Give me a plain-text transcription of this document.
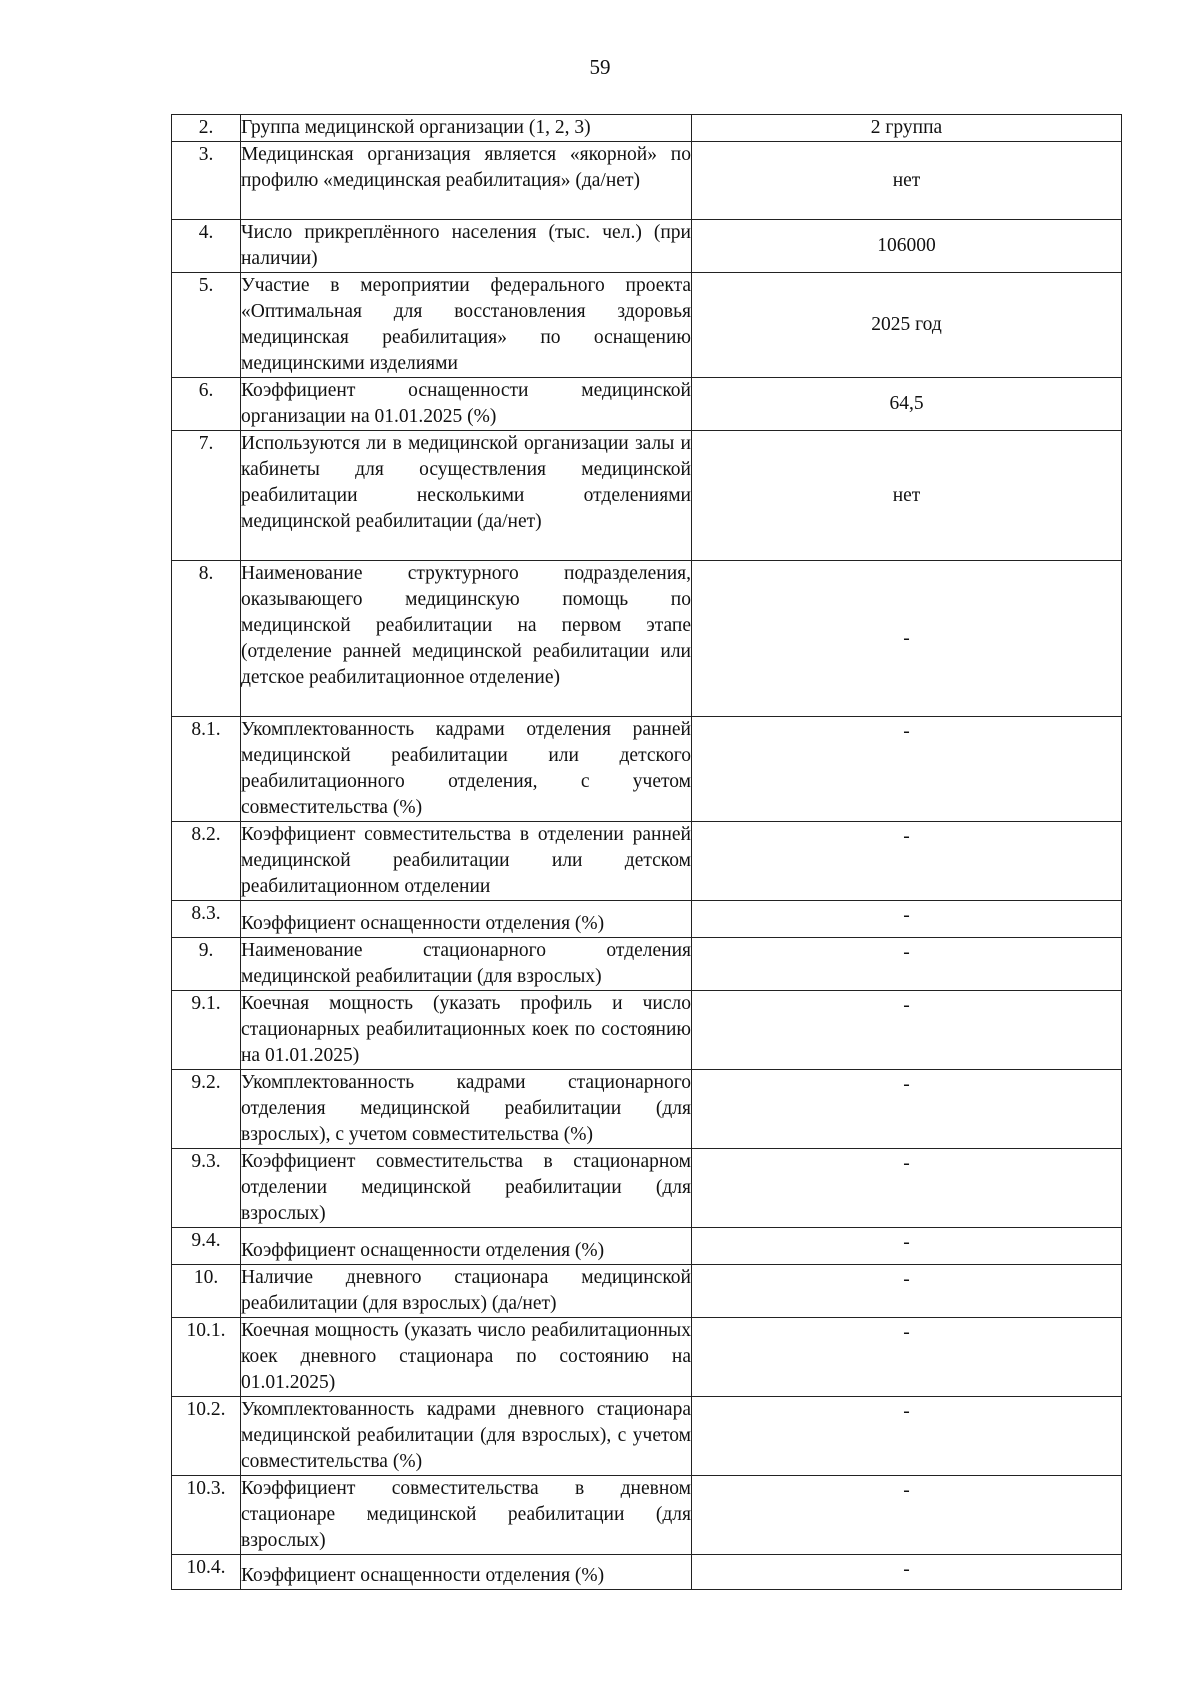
59
2.	Группа медицинской организации (1, 2, 3)	2 группа
3.	Медицинская организация является «якорной» по профилю «медицинская реабилитация» (да/нет)	нет
4.	Число прикреплённого населения (тыс. чел.) (при наличии)	106000
5.	Участие в мероприятии федерального проекта «Оптимальная для восстановления здоровья медицинская реабилитация» по оснащению медицинскими изделиями	2025 год
6.	Коэффициент оснащенности медицинской организации на 01.01.2025 (%)	64,5
7.	Используются ли в медицинской организации залы и кабинеты для осуществления медицинской реабилитации несколькими отделениями медицинской реабилитации (да/нет)	нет
8.	Наименование структурного подразделения, оказывающего медицинскую помощь по медицинской реабилитации на первом этапе (отделение ранней медицинской реабилитации или детское реабилитационное отделение)	-
8.1.	Укомплектованность кадрами отделения ранней медицинской реабилитации или детского реабилитационного отделения, с учетом совместительства (%)	-
8.2.	Коэффициент совместительства в отделении ранней медицинской реабилитации или детском реабилитационном отделении	-
8.3.	Коэффициент оснащенности отделения (%)	-
9.	Наименование стационарного отделения медицинской реабилитации (для взрослых)	-
9.1.	Коечная мощность (указать профиль и число стационарных реабилитационных коек по состоянию на 01.01.2025)	-
9.2.	Укомплектованность кадрами стационарного отделения медицинской реабилитации (для взрослых), с учетом совместительства (%)	-
9.3.	Коэффициент совместительства в стационарном отделении медицинской реабилитации (для взрослых)	-
9.4.	Коэффициент оснащенности отделения (%)	-
10.	Наличие дневного стационара медицинской реабилитации (для взрослых) (да/нет)	-
10.1.	Коечная мощность (указать число реабилитационных коек дневного стационара по состоянию на 01.01.2025)	-
10.2.	Укомплектованность кадрами дневного стационара медицинской реабилитации (для взрослых), с учетом совместительства (%)	-
10.3.	Коэффициент совместительства в дневном стационаре медицинской реабилитации (для взрослых)	-
10.4.	Коэффициент оснащенности отделения (%)	-
